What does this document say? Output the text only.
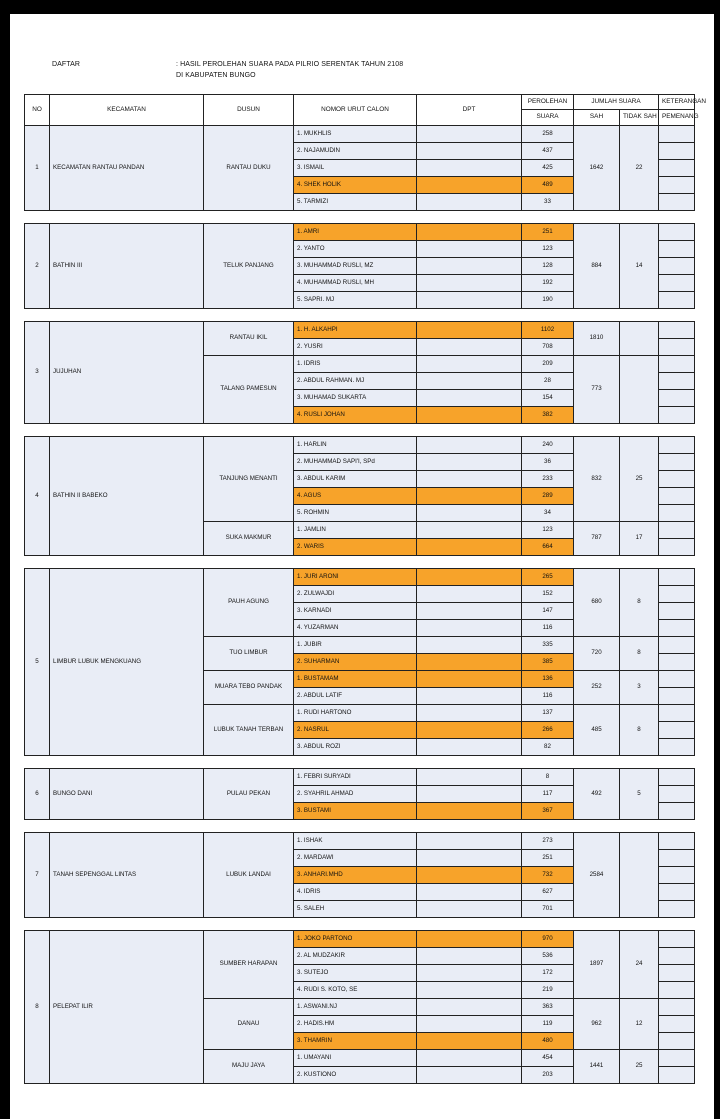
DAFTAR	: HASIL PEROLEHAN SUARA PADA PILRIO SERENTAK TAHUN 2108
DI KABUPATEN BUNGO
NO	KECAMATAN	DUSUN	NOMOR URUT CALON	DPT	PEROLEHAN	JUMLAH SUARA		KETERANGAN
					SUARA	SAH	TIDAK SAH	PEMENANG
1	KECAMATAN RANTAU PANDAN	RANTAU DUKU	1. MUKHLIS		258	1642	22	
			2. NAJAMUDIN		437			
			3. ISMAIL		425			
			4. SHEK HOLIK		489			
			5. TARMIZI		33			

2	BATHIN III	TELUK PANJANG	1. AMRI		251	884	14	
			2. YANTO		123			
			3. MUHAMMAD RUSLI, MZ		128			
			4. MUHAMMAD RUSLI, MH		192			
			5. SAPRI. MJ		190			

3	JUJUHAN	RANTAU IKIL	1. H. ALKAHPI		1102	1810		
			2. YUSRI		708			
		TALANG PAMESUN	1. IDRIS		209	773		
			2. ABDUL RAHMAN. MJ		28			
			3. MUHAMAD SUKARTA		154			
			4. RUSLI JOHAN		382			

4	BATHIN II BABEKO	TANJUNG MENANTI	1. HARLIN		240	832	25	
			2. MUHAMMAD SAPI'I, SPd		36			
			3. ABDUL KARIM		233			
			4. AGUS		289			
			5. ROHMIN		34			
		SUKA MAKMUR	1. JAMLIN		123	787	17	
			2. WARIS		664			

5	LIMBUR LUBUK MENGKUANG	PAUH AGUNG	1. JURI ARONI		265	680	8	
			2. ZULWAJDI		152			
			3. KARNADI		147			
			4. YUZARMAN		116			
		TUO LIMBUR	1. JUBIR		335	720	8	
			2. SUHARMAN		385			
		MUARA TEBO PANDAK	1. BUSTAMAM		136	252	3	
			2. ABDUL LATIF		116			
		LUBUK TANAH TERBAN	1. RUDI HARTONO		137	485	8	
			2. NASRUL		266			
			3. ABDUL ROZI		82			

6	BUNGO DANI	PULAU PEKAN	1. FEBRI SURYADI		8	492	5	
			2. SYAHRIL AHMAD		117			
			3. BUSTAMI		367			

7	TANAH SEPENGGAL LINTAS	LUBUK LANDAI	1. ISHAK		273	2584		
			2. MARDAWI		251			
			3. ANHARI.MHD		732			
			4. IDRIS		627			
			5. SALEH		701			

8	PELEPAT ILIR	SUMBER HARAPAN	1. JOKO PARTONO		970	1897	24	
			2. AL MUDZAKIR		536			
			3. SUTEJO		172			
			4. RUDI S. KOTO, SE		219			
		DANAU	1. ASWANI.NJ		363	962	12	
			2. HADIS.HM		119			
			3. THAMRIN		480			
		MAJU JAYA	1. UMAYANI		454	1441	25	
			2. KUSTIONO		203			
